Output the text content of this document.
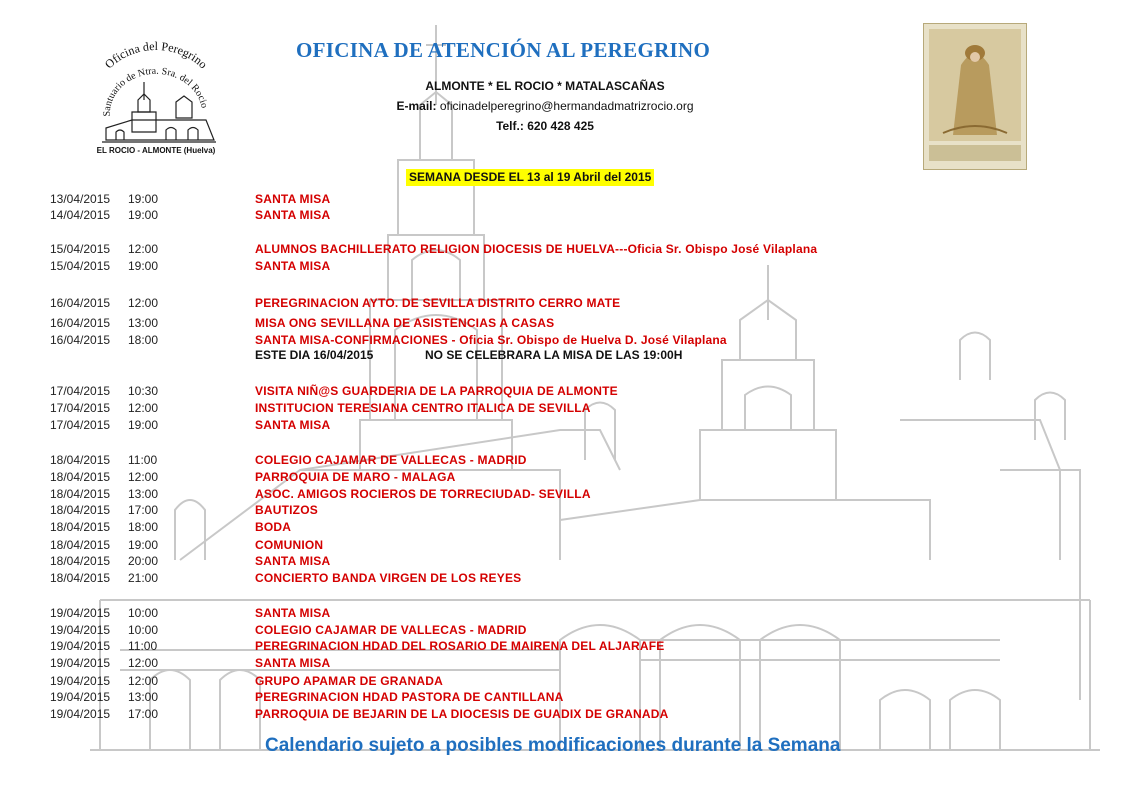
Oficina del Peregrino
Santuario de Ntra. Sra. del Rocio
EL ROCIO - ALMONTE (Huelva)
OFICINA DE ATENCIÓN AL PEREGRINO
ALMONTE * EL ROCIO * MATALASCAÑAS
E-mail: oficinadelperegrino@hermandadmatrizrocio.org
Telf.: 620 428 425
SEMANA DESDE EL 13 al 19 Abril del 2015
13/04/2015 19:00	SANTA MISA
14/04/2015 19:00	SANTA MISA
15/04/2015 12:00	ALUMNOS BACHILLERATO RELIGION DIOCESIS DE HUELVA---Oficia Sr. Obispo José Vilaplana
15/04/2015 19:00	SANTA MISA
16/04/2015 12:00	PEREGRINACION AYTO. DE SEVILLA DISTRITO CERRO MATE
16/04/2015 13:00	MISA ONG SEVILLANA DE ASISTENCIAS A CASAS
16/04/2015 18:00	SANTA MISA-CONFIRMACIONES - Oficia Sr. Obispo de Huelva D. José Vilaplana
17/04/2015 10:30	VISITA NIÑ@S GUARDERIA DE LA PARROQUIA DE ALMONTE
17/04/2015 12:00	INSTITUCION TERESIANA CENTRO ITALICA DE SEVILLA
17/04/2015 19:00	SANTA MISA
18/04/2015 11:00	COLEGIO CAJAMAR DE VALLECAS - MADRID
18/04/2015 12:00	PARROQUIA DE MARO - MALAGA
18/04/2015 13:00	ASOC. AMIGOS ROCIEROS DE TORRECIUDAD- SEVILLA
18/04/2015 17:00	BAUTIZOS
18/04/2015 18:00	BODA
18/04/2015 19:00	COMUNION
18/04/2015 20:00	SANTA MISA
18/04/2015 21:00	CONCIERTO BANDA VIRGEN DE LOS REYES
19/04/2015 10:00	SANTA MISA
19/04/2015 10:00	COLEGIO CAJAMAR DE VALLECAS - MADRID
19/04/2015 11:00	PEREGRINACION HDAD DEL ROSARIO DE MAIRENA DEL ALJARAFE
19/04/2015 12:00	SANTA MISA
19/04/2015 12:00	GRUPO APAMAR DE GRANADA
19/04/2015 13:00	PEREGRINACION HDAD PASTORA DE CANTILLANA
19/04/2015 17:00	PARROQUIA DE BEJARIN DE LA DIOCESIS DE GUADIX DE GRANADA
ESTE DIA 16/04/2015	NO SE CELEBRARA LA MISA DE LAS 19:00H
Calendario sujeto a posibles modificaciones durante la Semana
